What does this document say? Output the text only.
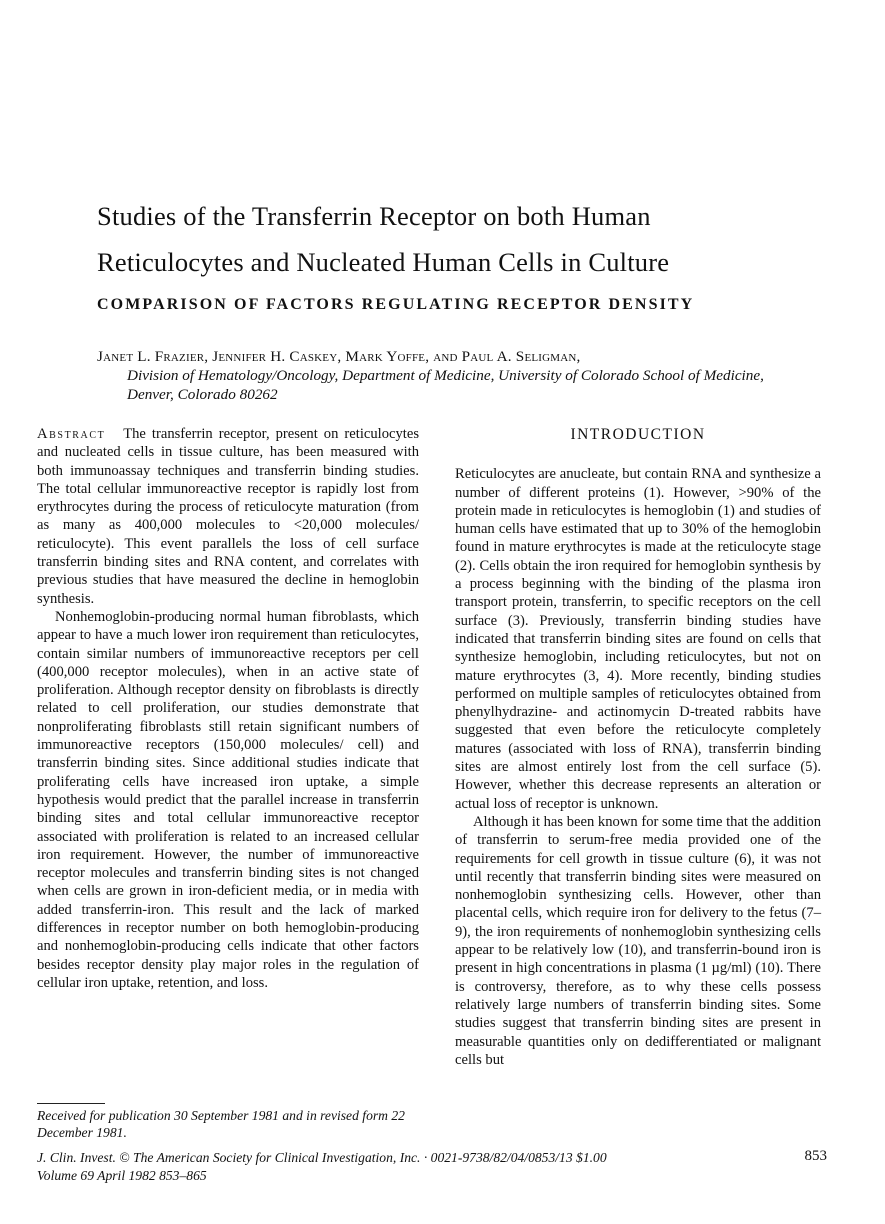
Studies of the Transferrin Receptor on both Human
Reticulocytes and Nucleated Human Cells in Culture
COMPARISON OF FACTORS REGULATING RECEPTOR DENSITY
Janet L. Frazier, Jennifer H. Caskey, Mark Yoffe, and Paul A. Seligman,
Division of Hematology/Oncology, Department of Medicine, University of Colorado School of Medicine, Denver, Colorado 80262

Abstract The transferrin receptor, present on reticulocytes and nucleated cells in tissue culture, has been measured with both immunoassay techniques and transferrin binding studies. The total cellular immunoreactive receptor is rapidly lost from erythrocytes during the process of reticulocyte maturation (from as many as 400,000 molecules to <20,000 molecules/ reticulocyte). This event parallels the loss of cell surface transferrin binding sites and RNA content, and correlates with previous studies that have measured the decline in hemoglobin synthesis.

Nonhemoglobin-producing normal human fibroblasts, which appear to have a much lower iron requirement than reticulocytes, contain similar numbers of immunoreactive receptors per cell (400,000 receptor molecules), when in an active state of proliferation. Although receptor density on fibroblasts is directly related to cell proliferation, our studies demonstrate that nonproliferating fibroblasts still retain significant numbers of immunoreactive receptors (150,000 molecules/ cell) and transferrin binding sites. Since additional studies indicate that proliferating cells have increased iron uptake, a simple hypothesis would predict that the parallel increase in transferrin binding sites and total cellular immunoreactive receptor associated with proliferation is related to an increased cellular iron requirement. However, the number of immunoreactive receptor molecules and transferrin binding sites is not changed when cells are grown in iron-deficient media, or in media with added transferrin-iron. This result and the lack of marked differences in receptor number on both hemoglobin-producing and nonhemoglobin-producing cells indicate that other factors besides receptor density play major roles in the regulation of cellular iron uptake, retention, and loss.

INTRODUCTION

Reticulocytes are anucleate, but contain RNA and synthesize a number of different proteins (1). However, >90% of the protein made in reticulocytes is hemoglobin (1) and studies of human cells have estimated that up to 30% of the hemoglobin found in mature erythrocytes is made at the reticulocyte stage (2). Cells obtain the iron required for hemoglobin synthesis by a process beginning with the binding of the plasma iron transport protein, transferrin, to specific receptors on the cell surface (3). Previously, transferrin binding studies have indicated that transferrin binding sites are found on cells that synthesize hemoglobin, including reticulocytes, but not on mature erythrocytes (3, 4). More recently, binding studies performed on multiple samples of reticulocytes obtained from phenylhydrazine- and actinomycin D-treated rabbits have suggested that even before the reticulocyte completely matures (associated with loss of RNA), transferrin binding sites are almost entirely lost from the cell surface (5). However, whether this decrease represents an alteration or actual loss of receptor is unknown.

Although it has been known for some time that the addition of transferrin to serum-free media provided one of the requirements for cell growth in tissue culture (6), it was not until recently that transferrin binding sites were measured on nonhemoglobin synthesizing cells. However, other than placental cells, which require iron for delivery to the fetus (7–9), the iron requirements of nonhemoglobin synthesizing cells appear to be relatively low (10), and transferrin-bound iron is present in high concentrations in plasma (1 µg/ml) (10). There is controversy, therefore, as to why these cells possess relatively large numbers of transferrin binding sites. Some studies suggest that transferrin binding sites are present in measurable quantities only on dedifferentiated or malignant cells but

Received for publication 30 September 1981 and in revised form 22 December 1981.
J. Clin. Invest. © The American Society for Clinical Investigation, Inc. · 0021-9738/82/04/0853/13 $1.00
Volume 69 April 1982 853–865
853
